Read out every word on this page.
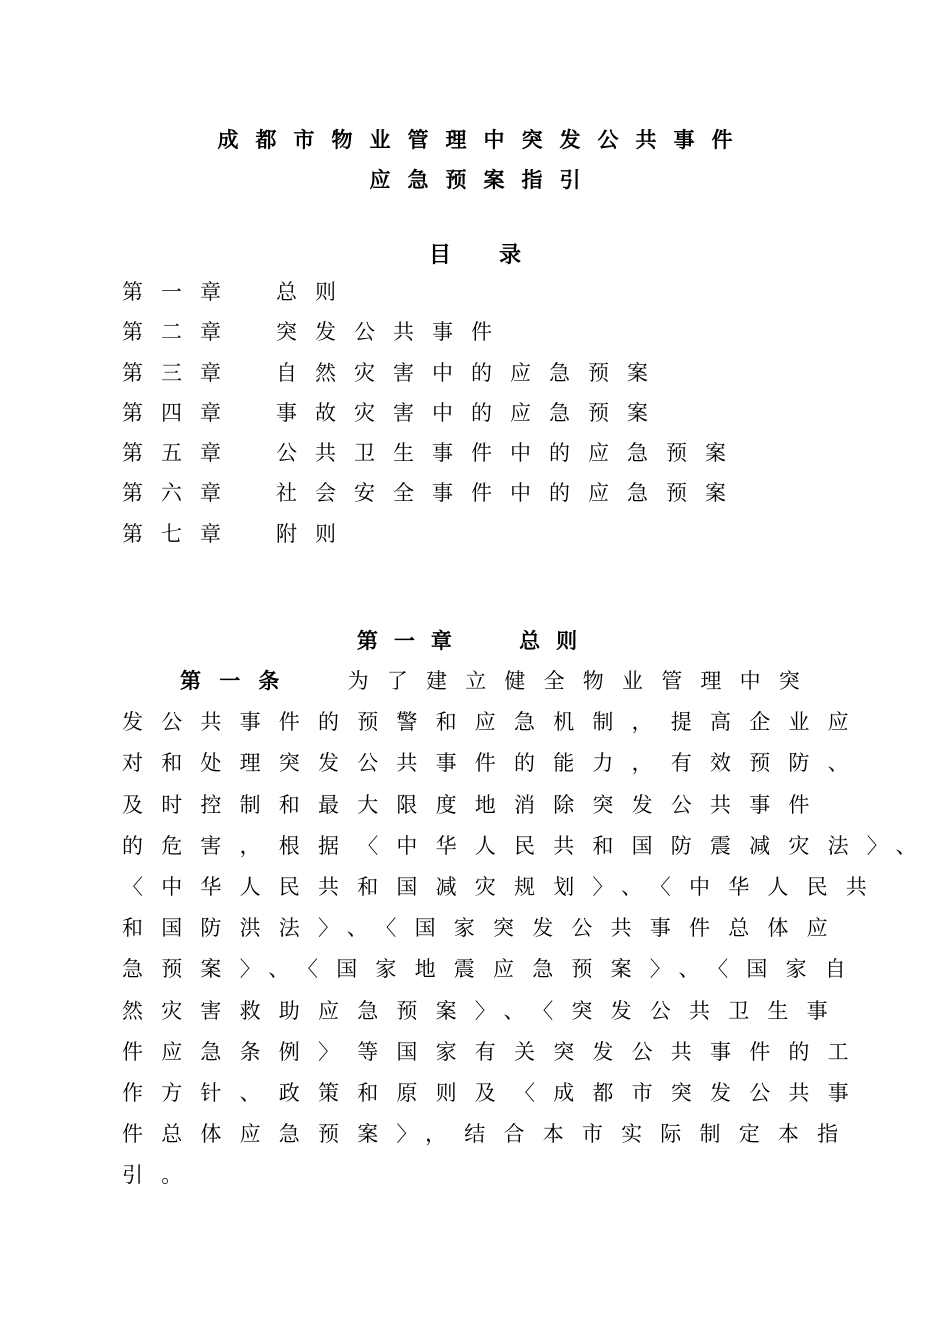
成都市物业管理中突发公共事件
应急预案指引
目录
第一章	总则
第二章	突发公共事件
第三章	自然灾害中的应急预案
第四章	事故灾害中的应急预案
第五章	公共卫生事件中的应急预案
第六章	社会安全事件中的应急预案
第七章	附则
第一章 总则
第一条 为了建立健全物业管理中突
发公共事件的预警和应急机制，提高企业应
对和处理突发公共事件的能力，有效预防、
及时控制和最大限度地消除突发公共事件
的危害，根据〈中华人民共和国防震减灾法〉、
〈中华人民共和国减灾规划〉、〈中华人民共
和国防洪法〉、〈国家突发公共事件总体应
急预案〉、〈国家地震应急预案〉、〈国家自
然灾害救助应急预案〉、〈突发公共卫生事
件应急条例〉等国家有关突发公共事件的工
作方针、政策和原则及〈成都市突发公共事
件总体应急预案〉，结合本市实际制定本指
引。
